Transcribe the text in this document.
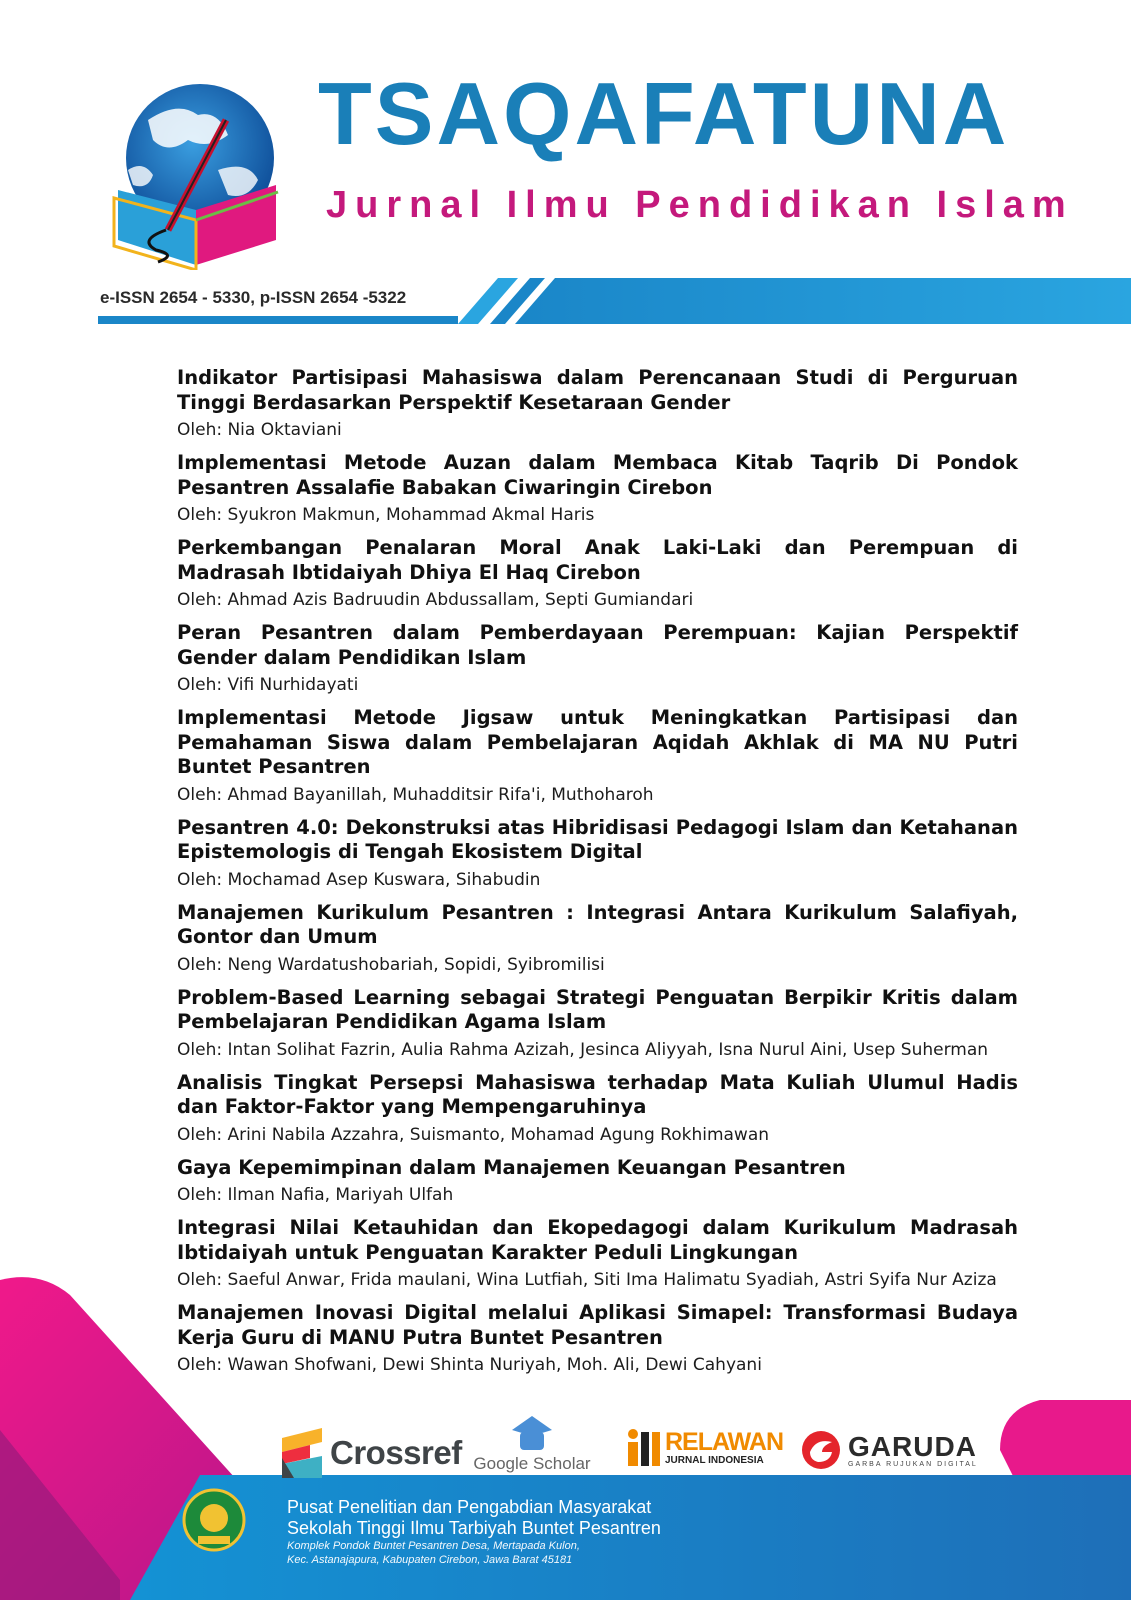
TSAQAFATUNA
Jurnal Ilmu Pendidikan Islam
e-ISSN 2654 - 5330, p-ISSN 2654 -5322
Indikator Partisipasi Mahasiswa dalam Perencanaan Studi di Perguruan Tinggi Berdasarkan Perspektif Kesetaraan Gender
Oleh: Nia Oktaviani
Implementasi Metode Auzan dalam Membaca Kitab Taqrib Di Pondok Pesantren Assalafie Babakan Ciwaringin Cirebon
Oleh: Syukron Makmun, Mohammad Akmal Haris
Perkembangan Penalaran Moral Anak Laki-Laki dan Perempuan di Madrasah Ibtidaiyah Dhiya El Haq Cirebon
Oleh: Ahmad Azis Badruudin Abdussallam, Septi Gumiandari
Peran Pesantren dalam Pemberdayaan Perempuan: Kajian Perspektif Gender dalam Pendidikan Islam
Oleh: Vifi Nurhidayati
Implementasi Metode Jigsaw untuk Meningkatkan Partisipasi dan Pemahaman Siswa dalam Pembelajaran Aqidah Akhlak di MA NU Putri Buntet Pesantren
Oleh: Ahmad Bayanillah, Muhadditsir Rifa'i, Muthoharoh
Pesantren 4.0: Dekonstruksi atas Hibridisasi Pedagogi Islam dan Ketahanan Epistemologis di Tengah Ekosistem Digital
Oleh: Mochamad Asep Kuswara, Sihabudin
Manajemen Kurikulum Pesantren : Integrasi Antara Kurikulum Salafiyah, Gontor dan Umum
Oleh: Neng Wardatushobariah, Sopidi, Syibromilisi
Problem-Based Learning sebagai Strategi Penguatan Berpikir Kritis dalam Pembelajaran Pendidikan Agama Islam
Oleh: Intan Solihat Fazrin, Aulia Rahma Azizah, Jesinca Aliyyah, Isna Nurul Aini, Usep Suherman
Analisis Tingkat Persepsi Mahasiswa terhadap Mata Kuliah Ulumul Hadis dan Faktor-Faktor yang Mempengaruhinya
Oleh: Arini Nabila Azzahra, Suismanto, Mohamad Agung Rokhimawan
Gaya Kepemimpinan dalam Manajemen Keuangan Pesantren
Oleh: Ilman Nafia, Mariyah Ulfah
Integrasi Nilai Ketauhidan dan Ekopedagogi dalam Kurikulum Madrasah Ibtidaiyah untuk Penguatan Karakter Peduli Lingkungan
Oleh: Saeful Anwar, Frida maulani, Wina Lutfiah, Siti Ima Halimatu Syadiah, Astri Syifa Nur Aziza
Manajemen Inovasi Digital melalui Aplikasi Simapel: Transformasi Budaya Kerja Guru di MANU Putra Buntet Pesantren
Oleh: Wawan Shofwani, Dewi Shinta Nuriyah, Moh. Ali, Dewi Cahyani
Crossref Google Scholar
RELAWAN
JURNAL INDONESIA	GARUDA
GARBA RUJUKAN DIGITAL
Pusat Penelitian dan Pengabdian Masyarakat
Sekolah Tinggi Ilmu Tarbiyah Buntet Pesantren
Komplek Pondok Buntet Pesantren Desa, Mertapada Kulon,
Kec. Astanajapura, Kabupaten Cirebon, Jawa Barat 45181
